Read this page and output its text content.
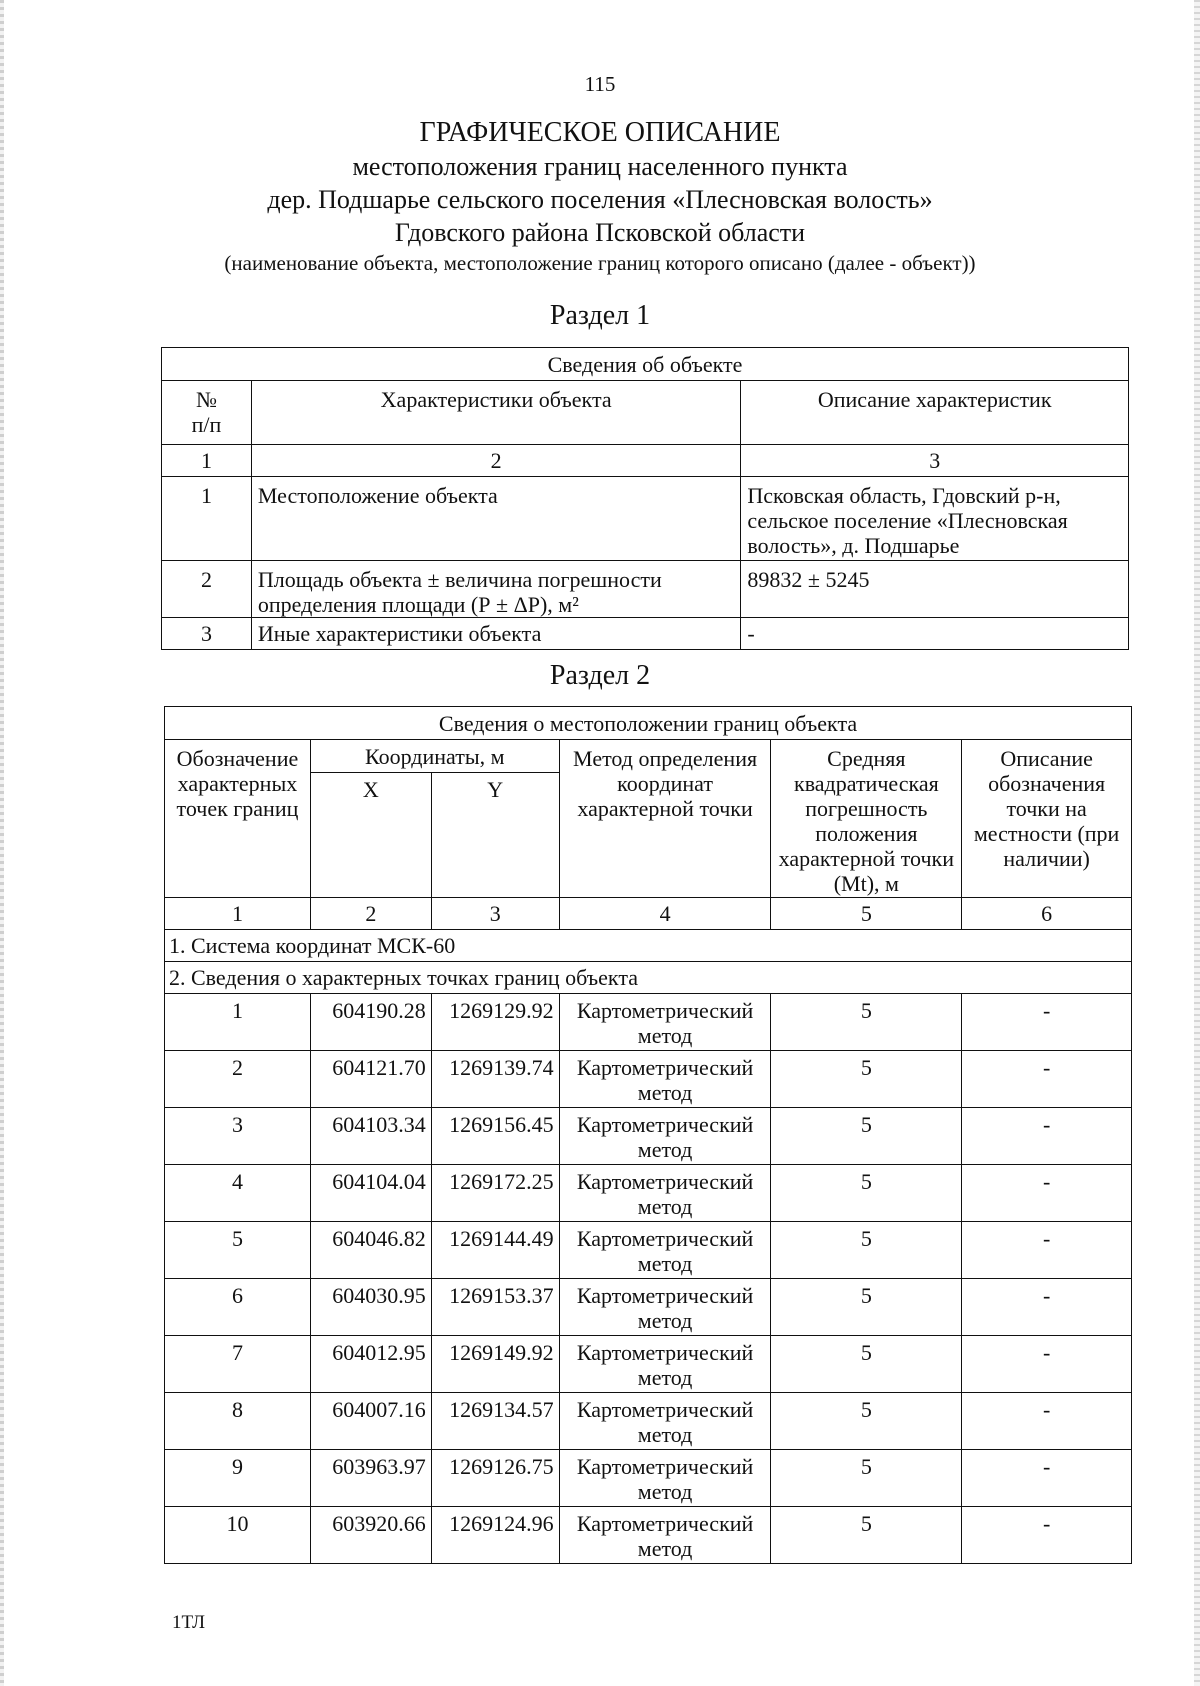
115
ГРАФИЧЕСКОЕ ОПИСАНИЕ
местоположения границ населенного пункта
дер. Подшарье сельского поселения «Плесновская волость»
Гдовского района Псковской области
(наименование объекта, местоположение границ которого описано (далее - объект))
Раздел 1
Сведения об объекте		

№
п/п	Характеристики объекта	Описание характеристик
1	2	3
1	Местоположение объекта	Псковская область, Гдовский р-н, сельское поселение «Плесновская волость», д. Подшарье
2	Площадь объекта ± величина погрешности определения площади (Р ± ΔР), м²	89832 ± 5245
3	Иные характеристики объекта	-
Раздел 2
Сведения о местоположении границ объекта					

Обозначение
характерных точек границ	Координаты, м		Метод определения координат характерной точки	Средняя квадратическая погрешность положения характерной точки (Mt), м	Описание обозначения точки на местности (при наличии)
	X	Y			
1	2	3	4	5	6
1. Система координат МСК-60					
2. Сведения о характерных точках границ объекта					
1	604190.28	1269129.92	Картометрический метод	5	-
2	604121.70	1269139.74	Картометрический метод	5	-
3	604103.34	1269156.45	Картометрический метод	5	-
4	604104.04	1269172.25	Картометрический метод	5	-
5	604046.82	1269144.49	Картометрический метод	5	-
6	604030.95	1269153.37	Картометрический метод	5	-
7	604012.95	1269149.92	Картометрический метод	5	-
8	604007.16	1269134.57	Картометрический метод	5	-
9	603963.97	1269126.75	Картометрический метод	5	-
10	603920.66	1269124.96	Картометрический метод	5	-
1ТЛ
